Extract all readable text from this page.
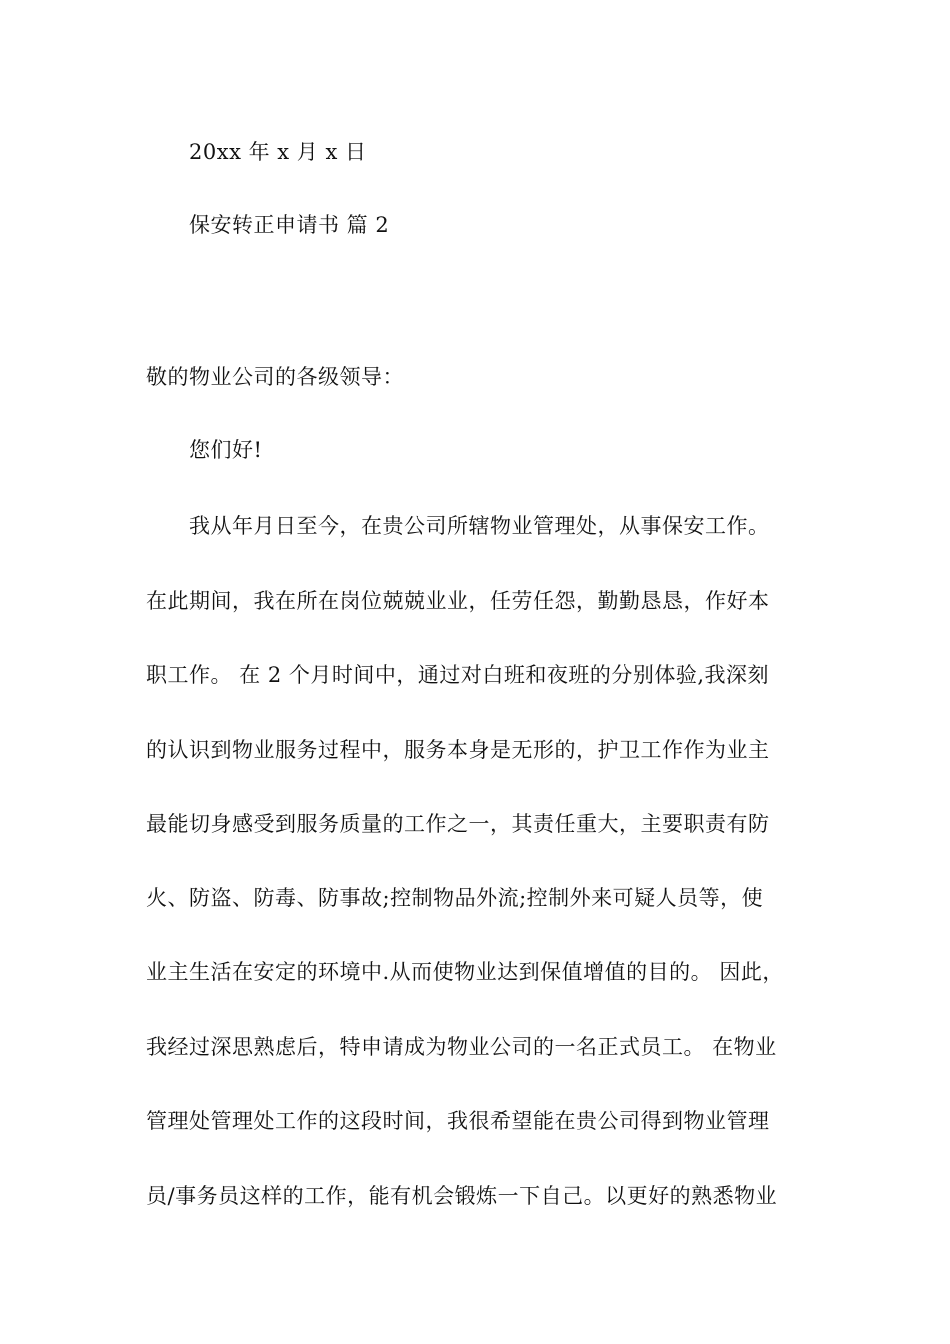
20xx 年 x 月 x 日
保安转正申请书 篇 2
敬的物业公司的各级领导：
您们好!
我从年月日至今，在贵公司所辖物业管理处，从事保安工作。
在此期间，我在所在岗位兢兢业业，任劳任怨，勤勤恳恳，作好本
职工作。 在 2 个月时间中，通过对白班和夜班的分别体验,我深刻
的认识到物业服务过程中，服务本身是无形的，护卫工作作为业主
最能切身感受到服务质量的工作之一，其责任重大，主要职责有防
火、防盗、防毒、防事故;控制物品外流;控制外来可疑人员等，使
业主生活在安定的环境中.从而使物业达到保值增值的目的。 因此，
我经过深思熟虑后，特申请成为物业公司的一名正式员工。 在物业
管理处管理处工作的这段时间，我很希望能在贵公司得到物业管理
员/事务员这样的工作，能有机会锻炼一下自己。以更好的熟悉物业
